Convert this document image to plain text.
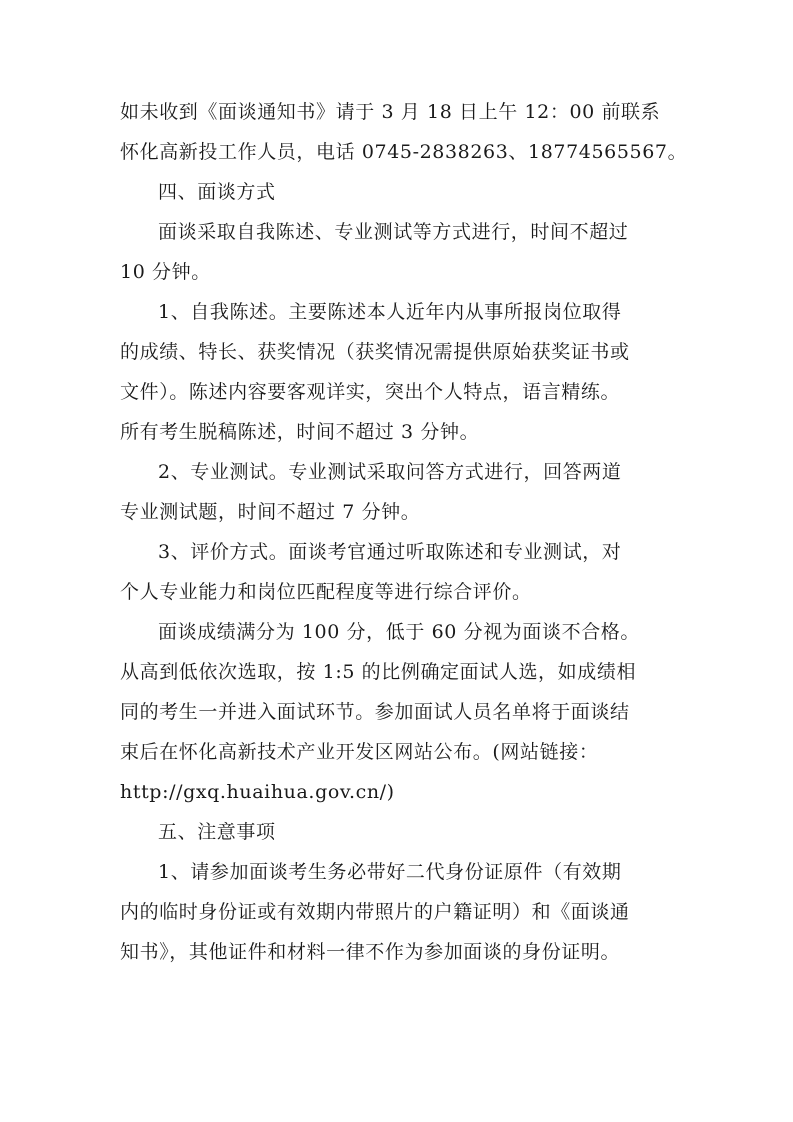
如未收到《面谈通知书》请于 3 月 18 日上午 12：00 前联系
怀化高新投工作人员，电话 0745-2838263、18774565567。
四、面谈方式
面谈采取自我陈述、专业测试等方式进行，时间不超过
10 分钟。
1、自我陈述。主要陈述本人近年内从事所报岗位取得
的成绩、特长、获奖情况（获奖情况需提供原始获奖证书或
文件）。陈述内容要客观详实，突出个人特点，语言精练。
所有考生脱稿陈述，时间不超过 3 分钟。
2、专业测试。专业测试采取问答方式进行，回答两道
专业测试题，时间不超过 7 分钟。
3、评价方式。面谈考官通过听取陈述和专业测试，对
个人专业能力和岗位匹配程度等进行综合评价。
面谈成绩满分为 100 分，低于 60 分视为面谈不合格。
从高到低依次选取，按 1:5 的比例确定面试人选，如成绩相
同的考生一并进入面试环节。参加面试人员名单将于面谈结
束后在怀化高新技术产业开发区网站公布。(网站链接：
http://gxq.huaihua.gov.cn/)
五、注意事项
1、请参加面谈考生务必带好二代身份证原件（有效期
内的临时身份证或有效期内带照片的户籍证明）和《面谈通
知书》，其他证件和材料一律不作为参加面谈的身份证明。
